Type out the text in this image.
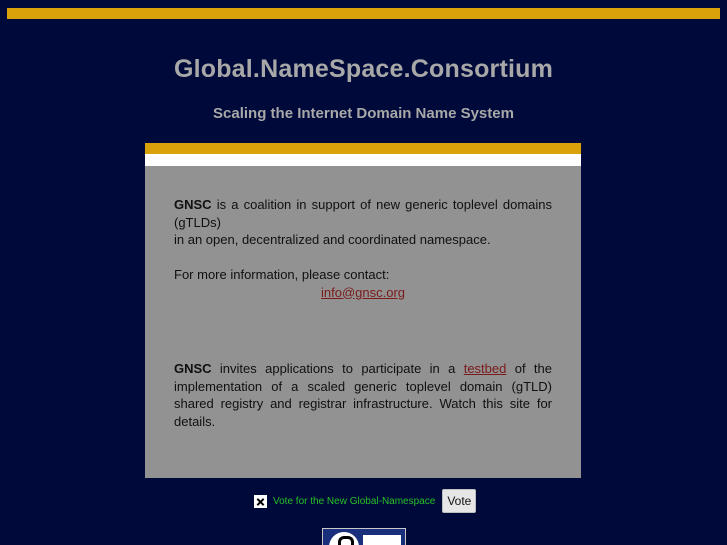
Global.NameSpace.Consortium
Scaling the Internet Domain Name System
GNSC is a coalition in support of new generic toplevel domains (gTLDs)
in an open, decentralized and coordinated namespace.
For more information, please contact:
info@gnsc.org
GNSC invites applications to participate in a testbed of the implementation of a scaled generic toplevel domain (gTLD) shared registry and registrar infrastructure. Watch this site for details.
Vote for the New Global-Namespace	Vote
